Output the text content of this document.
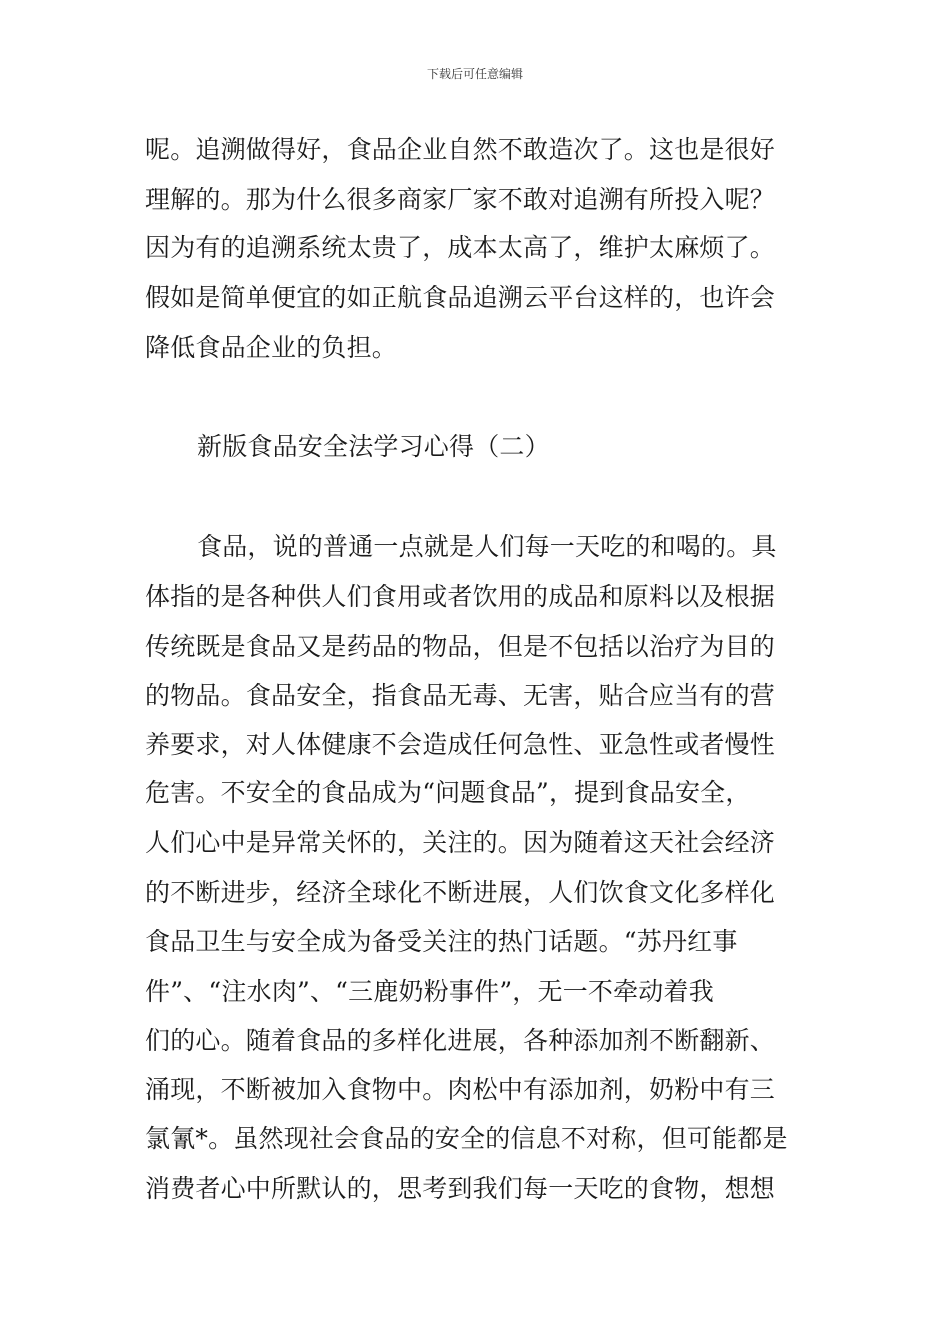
下载后可任意编辑
呢。追溯做得好，食品企业自然不敢造次了。这也是很好
理解的。那为什么很多商家厂家不敢对追溯有所投入呢？
因为有的追溯系统太贵了，成本太高了，维护太麻烦了。
假如是简单便宜的如正航食品追溯云平台这样的，也许会
降低食品企业的负担。
新版食品安全法学习心得（二）
食品，说的普通一点就是人们每一天吃的和喝的。具
体指的是各种供人们食用或者饮用的成品和原料以及根据
传统既是食品又是药品的物品，但是不包括以治疗为目的
的物品。食品安全，指食品无毒、无害，贴合应当有的营
养要求，对人体健康不会造成任何急性、亚急性或者慢性
危害。不安全的食品成为“问题食品”，提到食品安全，
人们心中是异常关怀的，关注的。因为随着这天社会经济
的不断进步，经济全球化不断进展，人们饮食文化多样化
食品卫生与安全成为备受关注的热门话题。“苏丹红事
件”、“注水肉”、“三鹿奶粉事件”，无一不牵动着我
们的心。随着食品的多样化进展，各种添加剂不断翻新、
涌现，不断被加入食物中。肉松中有添加剂，奶粉中有三
氯氰*。虽然现社会食品的安全的信息不对称，但可能都是
消费者心中所默认的，思考到我们每一天吃的食物，想想
